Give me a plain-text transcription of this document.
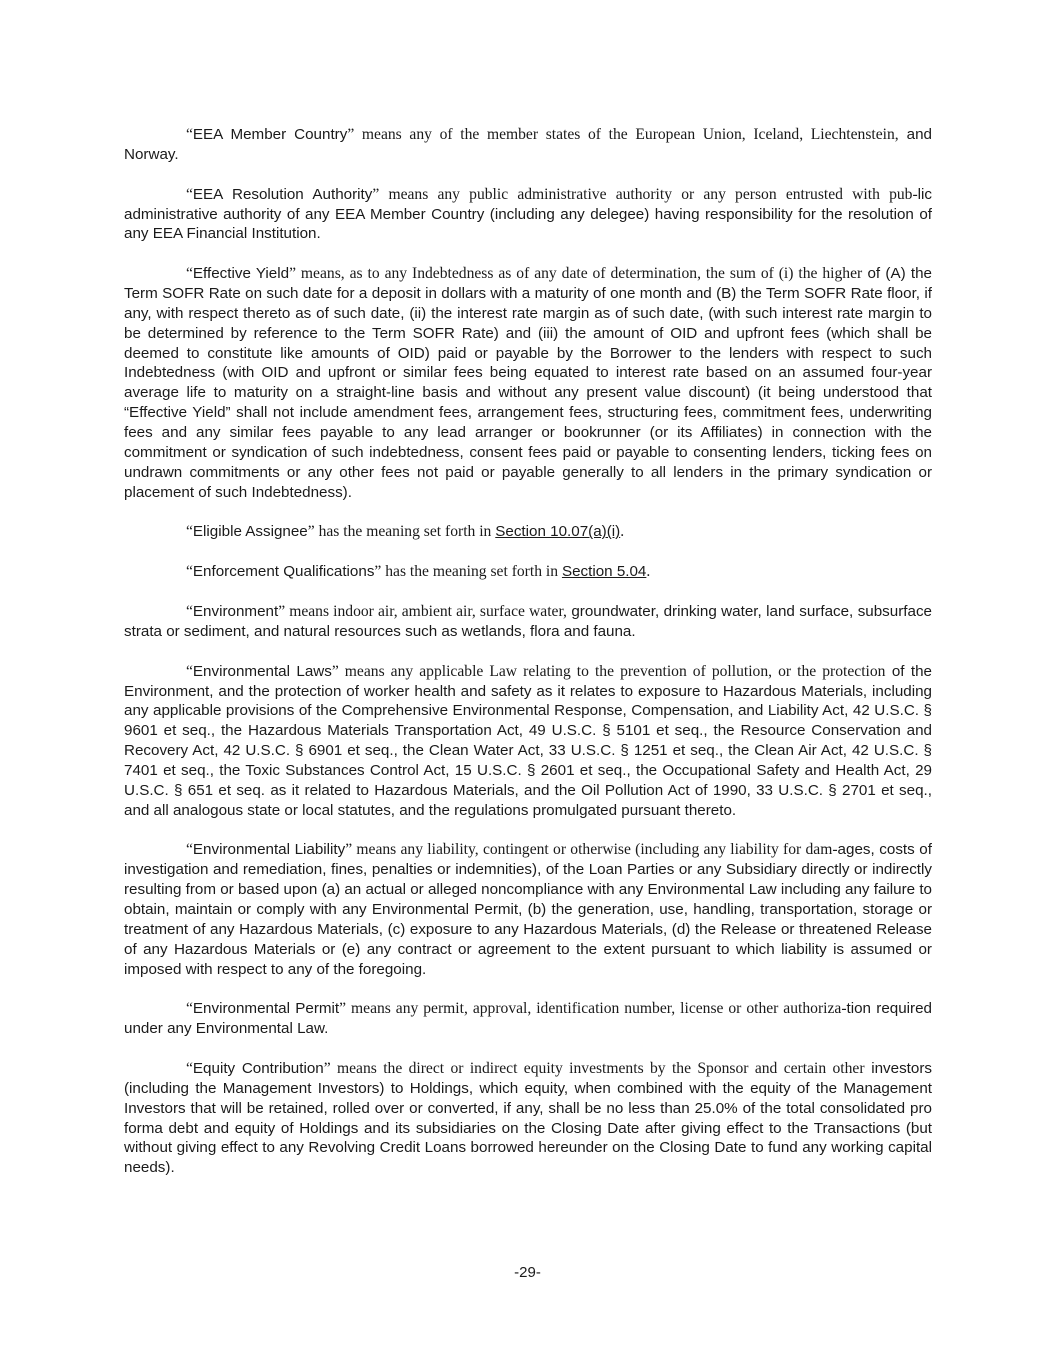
“EEA Member Country” means any of the member states of the European Union, Iceland, Liechtenstein, and Norway.

“EEA Resolution Authority” means any public administrative authority or any person entrusted with pub-lic administrative authority of any EEA Member Country (including any delegee) having responsibility for the resolution of any EEA Financial Institution.

“Effective Yield” means, as to any Indebtedness as of any date of determination, the sum of (i) the higher of (A) the Term SOFR Rate on such date for a deposit in dollars with a maturity of one month and (B) the Term SOFR Rate floor, if any, with respect thereto as of such date, (ii) the interest rate margin as of such date, (with such interest rate margin to be determined by reference to the Term SOFR Rate) and (iii) the amount of OID and upfront fees (which shall be deemed to constitute like amounts of OID) paid or payable by the Borrower to the lenders with respect to such Indebtedness (with OID and upfront or similar fees being equated to interest rate based on an assumed four-year average life to maturity on a straight-line basis and without any present value discount) (it being understood that “Effective Yield” shall not include amendment fees, arrangement fees, structuring fees, commitment fees, underwriting fees and any similar fees payable to any lead arranger or bookrunner (or its Affiliates) in connection with the commitment or syndication of such indebtedness, consent fees paid or payable to consenting lenders, ticking fees on undrawn commitments or any other fees not paid or payable generally to all lenders in the primary syndication or placement of such Indebtedness).

“Eligible Assignee” has the meaning set forth in Section 10.07(a)(i).

“Enforcement Qualifications” has the meaning set forth in Section 5.04.

“Environment” means indoor air, ambient air, surface water, groundwater, drinking water, land surface, subsurface strata or sediment, and natural resources such as wetlands, flora and fauna.

“Environmental Laws” means any applicable Law relating to the prevention of pollution, or the protection of the Environment, and the protection of worker health and safety as it relates to exposure to Hazardous Materials, including any applicable provisions of the Comprehensive Environmental Response, Compensation, and Liability Act, 42 U.S.C. § 9601 et seq., the Hazardous Materials Transportation Act, 49 U.S.C. § 5101 et seq., the Resource Conservation and Recovery Act, 42 U.S.C. § 6901 et seq., the Clean Water Act, 33 U.S.C. § 1251 et seq., the Clean Air Act, 42 U.S.C. § 7401 et seq., the Toxic Substances Control Act, 15 U.S.C. § 2601 et seq., the Occupational Safety and Health Act, 29 U.S.C. § 651 et seq. as it related to Hazardous Materials, and the Oil Pollution Act of 1990, 33 U.S.C. § 2701 et seq., and all analogous state or local statutes, and the regulations promulgated pursuant thereto.

“Environmental Liability” means any liability, contingent or otherwise (including any liability for dam-ages, costs of investigation and remediation, fines, penalties or indemnities), of the Loan Parties or any Subsidiary directly or indirectly resulting from or based upon (a) an actual or alleged noncompliance with any Environmental Law including any failure to obtain, maintain or comply with any Environmental Permit, (b) the generation, use, handling, transportation, storage or treatment of any Hazardous Materials, (c) exposure to any Hazardous Materials, (d) the Release or threatened Release of any Hazardous Materials or (e) any contract or agreement to the extent pursuant to which liability is assumed or imposed with respect to any of the foregoing.

“Environmental Permit” means any permit, approval, identification number, license or other authoriza-tion required under any Environmental Law.

“Equity Contribution” means the direct or indirect equity investments by the Sponsor and certain other investors (including the Management Investors) to Holdings, which equity, when combined with the equity of the Management Investors that will be retained, rolled over or converted, if any, shall be no less than 25.0% of the total consolidated pro forma debt and equity of Holdings and its subsidiaries on the Closing Date after giving effect to the Transactions (but without giving effect to any Revolving Credit Loans borrowed hereunder on the Closing Date to fund any working capital needs).

-29-
